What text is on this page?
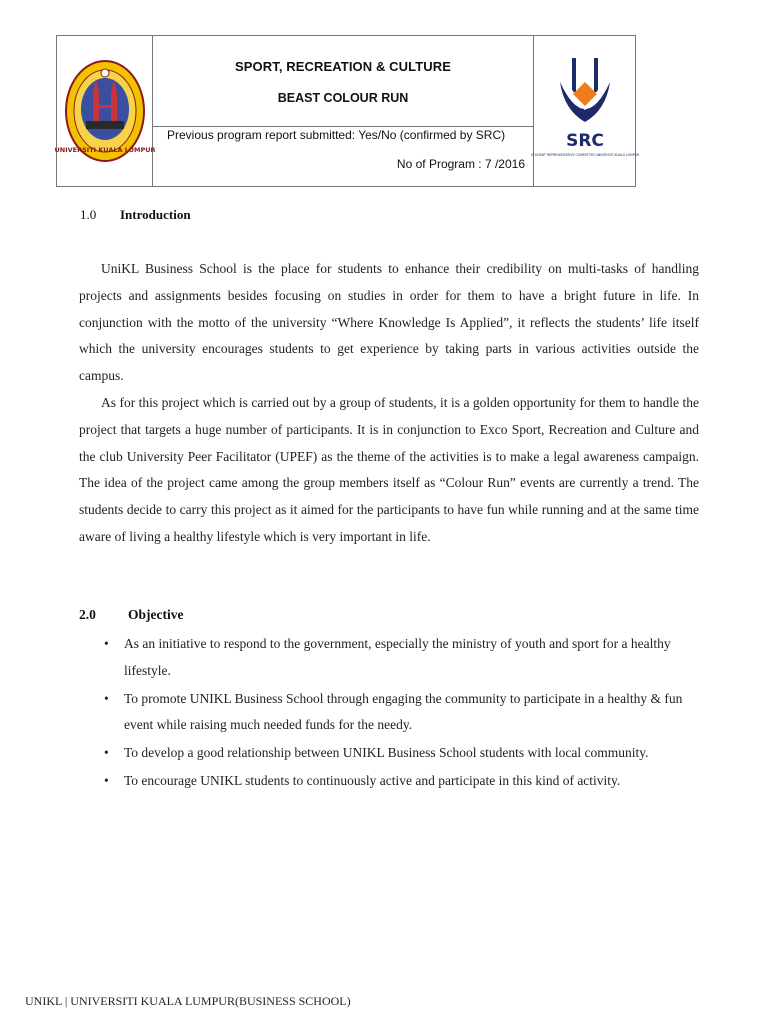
UNIVERSITI KUALA LUMPUR
SPORT, RECREATION & CULTURE
BEAST COLOUR RUN
Previous program report submitted: Yes/No (confirmed by SRC)
No of Program : 7 /2016
SRC
STUDENT REPRESENTATIVE COMMITTEE UNIVERSITI KUALA LUMPUR
1.0 Introduction

UniKL Business School is the place for students to enhance their credibility on multi-tasks of handling projects and assignments besides focusing on studies in order for them to have a bright future in life. In conjunction with the motto of the university “Where Knowledge Is Applied”, it reflects the students’ life itself which the university encourages students to get experience by taking parts in various activities outside the campus.

As for this project which is carried out by a group of students, it is a golden opportunity for them to handle the project that targets a huge number of participants. It is in conjunction to Exco Sport, Recreation and Culture and the club University Peer Facilitator (UPEF) as the theme of the activities is to make a legal awareness campaign. The idea of the project came among the group members itself as “Colour Run” events are currently a trend. The students decide to carry this project as it aimed for the participants to have fun while running and at the same time aware of living a healthy lifestyle which is very important in life.

2.0 Objective
• As an initiative to respond to the government, especially the ministry of youth and sport for a healthy lifestyle.
• To promote UNIKL Business School through engaging the community to participate in a healthy & fun event while raising much needed funds for the needy.
• To develop a good relationship between UNIKL Business School students with local community.
• To encourage UNIKL students to continuously active and participate in this kind of activity.
UNIKL | UNIVERSITI KUALA LUMPUR(BUSINESS SCHOOL)
